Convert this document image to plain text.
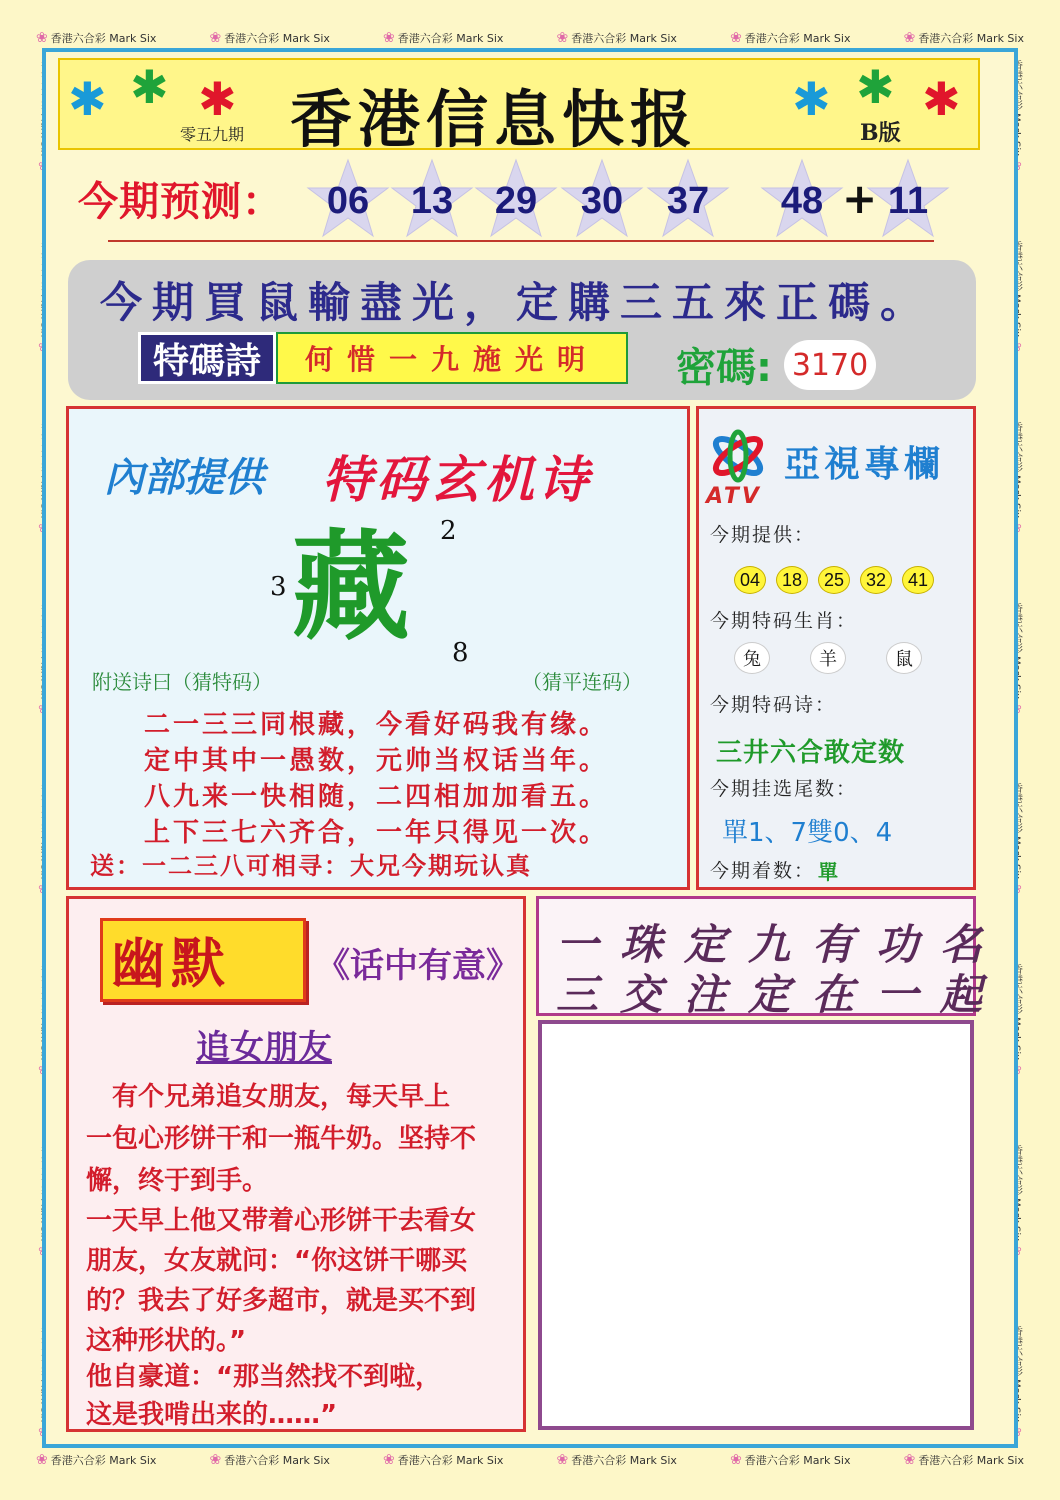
❀ 香港六合彩 Mark Six	❀ 香港六合彩 Mark Six	❀ 香港六合彩 Mark Six	❀ 香港六合彩 Mark Six	❀ 香港六合彩 Mark Six	❀ 香港六合彩 Mark Six
❀ 香港六合彩 Mark Six	❀ 香港六合彩 Mark Six	❀ 香港六合彩 Mark Six	❀ 香港六合彩 Mark Six	❀ 香港六合彩 Mark Six	❀ 香港六合彩 Mark Six
✱ ✱ ✱	✱ ✱ ✱
香港信息快报
零五九期	B版
今期预测：	06	13	29	30	37	48	11
+
今期買鼠輸盡光，定購三五來正碼。
特碼詩	何惜一九施光明	密碼: 3170
內部提供 特码玄机诗
藏 2
3
8
附送诗曰（猜特码）	（猜平连码）
二一三三同根藏，今看好码我有缘。
定中其中一愚数，元帅当权话当年。
八九来一快相随，二四相加加看五。
上下三七六齐合，一年只得见一次。
送：一二三八可相寻：大兄今期玩认真
ATV
亞視專欄
今期提供：
04	18	25	32	41
今期特码生肖：
兔	羊	鼠
今期特码诗：
三井六合敢定数
今期挂选尾数：
單1、7雙0、4
今期着数： 單
幽默	《话中有意》
追女朋友
　有个兄弟追女朋友，每天早上
一包心形饼干和一瓶牛奶。坚持不
懈，终于到手。
一天早上他又带着心形饼干去看女
朋友，女友就问：“你这饼干哪买
的？我去了好多超市，就是买不到
这种形状的。”
他自豪道：“那当然找不到啦，
这是我啃出来的……”
一珠定九有功名
三交注定在一起
